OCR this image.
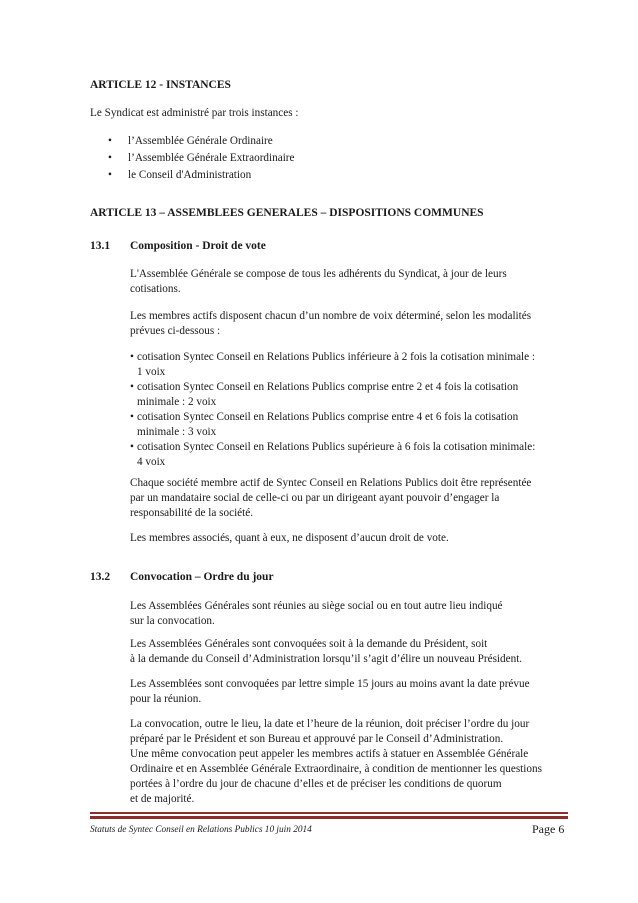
ARTICLE 12 - INSTANCES
Le Syndicat est administré par trois instances :
• l’Assemblée Générale Ordinaire
• l’Assemblée Générale Extraordinaire
• le Conseil d'Administration
ARTICLE 13 – ASSEMBLEES GENERALES – DISPOSITIONS COMMUNES
13.1 Composition - Droit de vote
L'Assemblée Générale se compose de tous les adhérents du Syndicat, à jour de leurs
cotisations.
Les membres actifs disposent chacun d’un nombre de voix déterminé, selon les modalités
prévues ci-dessous :
• cotisation Syntec Conseil en Relations Publics inférieure à 2 fois la cotisation minimale :
1 voix
• cotisation Syntec Conseil en Relations Publics comprise entre 2 et 4 fois la cotisation
minimale : 2 voix
• cotisation Syntec Conseil en Relations Publics comprise entre 4 et 6 fois la cotisation
minimale : 3 voix
• cotisation Syntec Conseil en Relations Publics supérieure à 6 fois la cotisation minimale:
4 voix
Chaque société membre actif de Syntec Conseil en Relations Publics doit être représentée
par un mandataire social de celle-ci ou par un dirigeant ayant pouvoir d’engager la
responsabilité de la société.
Les membres associés, quant à eux, ne disposent d’aucun droit de vote.
13.2 Convocation – Ordre du jour
Les Assemblées Générales sont réunies au siège social ou en tout autre lieu indiqué
sur la convocation.
Les Assemblées Générales sont convoquées soit à la demande du Président, soit
à la demande du Conseil d’Administration lorsqu’il s’agit d’élire un nouveau Président.
Les Assemblées sont convoquées par lettre simple 15 jours au moins avant la date prévue
pour la réunion.
La convocation, outre le lieu, la date et l’heure de la réunion, doit préciser l’ordre du jour
préparé par le Président et son Bureau et approuvé par le Conseil d’Administration.
Une même convocation peut appeler les membres actifs à statuer en Assemblée Générale
Ordinaire et en Assemblée Générale Extraordinaire, à condition de mentionner les questions
portées à l’ordre du jour de chacune d’elles et de préciser les conditions de quorum
et de majorité.
Statuts de Syntec Conseil en Relations Publics 10 juin 2014	Page 6
